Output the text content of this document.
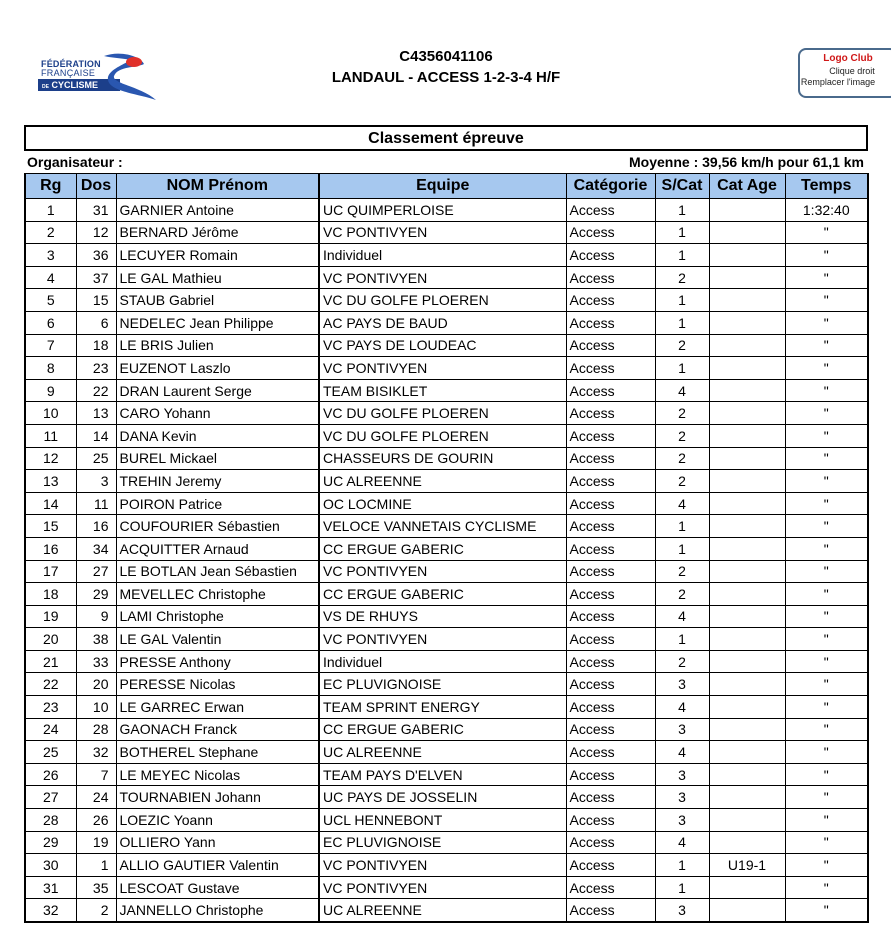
FÉDÉRATION
FRANÇAISE
DE CYCLISME
C4356041106
LANDAUL - ACCESS 1-2-3-4 H/F
Logo Club
Clique droit
Remplacer l'image
Classement épreuve
Organisateur :	Moyenne : 39,56 km/h pour 61,1 km
Rg	Dos	NOM Prénom	Equipe	Catégorie	S/Cat	Cat Age	Temps
1	31	GARNIER Antoine	UC QUIMPERLOISE	Access	1		1:32:40
2	12	BERNARD Jérôme	VC PONTIVYEN	Access	1		"
3	36	LECUYER Romain	Individuel	Access	1		"
4	37	LE GAL Mathieu	VC PONTIVYEN	Access	2		"
5	15	STAUB Gabriel	VC DU GOLFE PLOEREN	Access	1		"
6	6	NEDELEC Jean Philippe	AC PAYS DE BAUD	Access	1		"
7	18	LE BRIS Julien	VC PAYS DE LOUDEAC	Access	2		"
8	23	EUZENOT Laszlo	VC PONTIVYEN	Access	1		"
9	22	DRAN Laurent Serge	TEAM BISIKLET	Access	4		"
10	13	CARO Yohann	VC DU GOLFE PLOEREN	Access	2		"
11	14	DANA Kevin	VC DU GOLFE PLOEREN	Access	2		"
12	25	BUREL Mickael	CHASSEURS DE GOURIN	Access	2		"
13	3	TREHIN Jeremy	UC ALREENNE	Access	2		"
14	11	POIRON Patrice	OC LOCMINE	Access	4		"
15	16	COUFOURIER Sébastien	VELOCE VANNETAIS CYCLISME	Access	1		"
16	34	ACQUITTER Arnaud	CC ERGUE GABERIC	Access	1		"
17	27	LE BOTLAN Jean Sébastien	VC PONTIVYEN	Access	2		"
18	29	MEVELLEC Christophe	CC ERGUE GABERIC	Access	2		"
19	9	LAMI Christophe	VS DE RHUYS	Access	4		"
20	38	LE GAL Valentin	VC PONTIVYEN	Access	1		"
21	33	PRESSE Anthony	Individuel	Access	2		"
22	20	PERESSE Nicolas	EC PLUVIGNOISE	Access	3		"
23	10	LE GARREC Erwan	TEAM SPRINT ENERGY	Access	4		"
24	28	GAONACH Franck	CC ERGUE GABERIC	Access	3		"
25	32	BOTHEREL Stephane	UC ALREENNE	Access	4		"
26	7	LE MEYEC Nicolas	TEAM PAYS D'ELVEN	Access	3		"
27	24	TOURNABIEN Johann	UC PAYS DE JOSSELIN	Access	3		"
28	26	LOEZIC Yoann	UCL HENNEBONT	Access	3		"
29	19	OLLIERO Yann	EC PLUVIGNOISE	Access	4		"
30	1	ALLIO GAUTIER Valentin	VC PONTIVYEN	Access	1	U19-1	"
31	35	LESCOAT Gustave	VC PONTIVYEN	Access	1		"
32	2	JANNELLO Christophe	UC ALREENNE	Access	3		"
